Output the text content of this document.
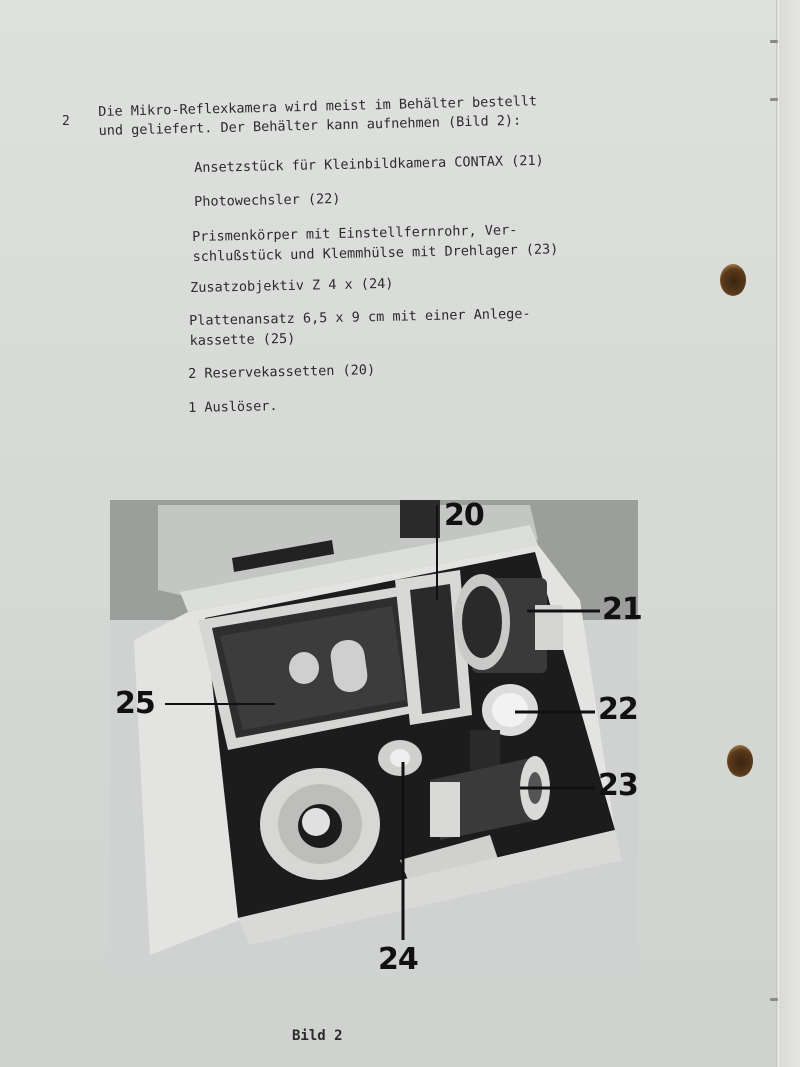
2
Die Mikro-Reflexkamera wird meist im Behälter bestellt
und geliefert. Der Behälter kann aufnehmen (Bild 2):
Ansetzstück für Kleinbildkamera CONTAX (21)
Photowechsler (22)
Prismenkörper mit Einstellfernrohr, Ver-
schlußstück und Klemmhülse mit Drehlager (23)
Zusatzobjektiv Z 4 x (24)
Plattenansatz 6,5 x 9 cm mit einer Anlege-
kassette (25)
2 Reservekassetten (20)
1 Auslöser.
20
21
22
23
24
25
Bild 2
